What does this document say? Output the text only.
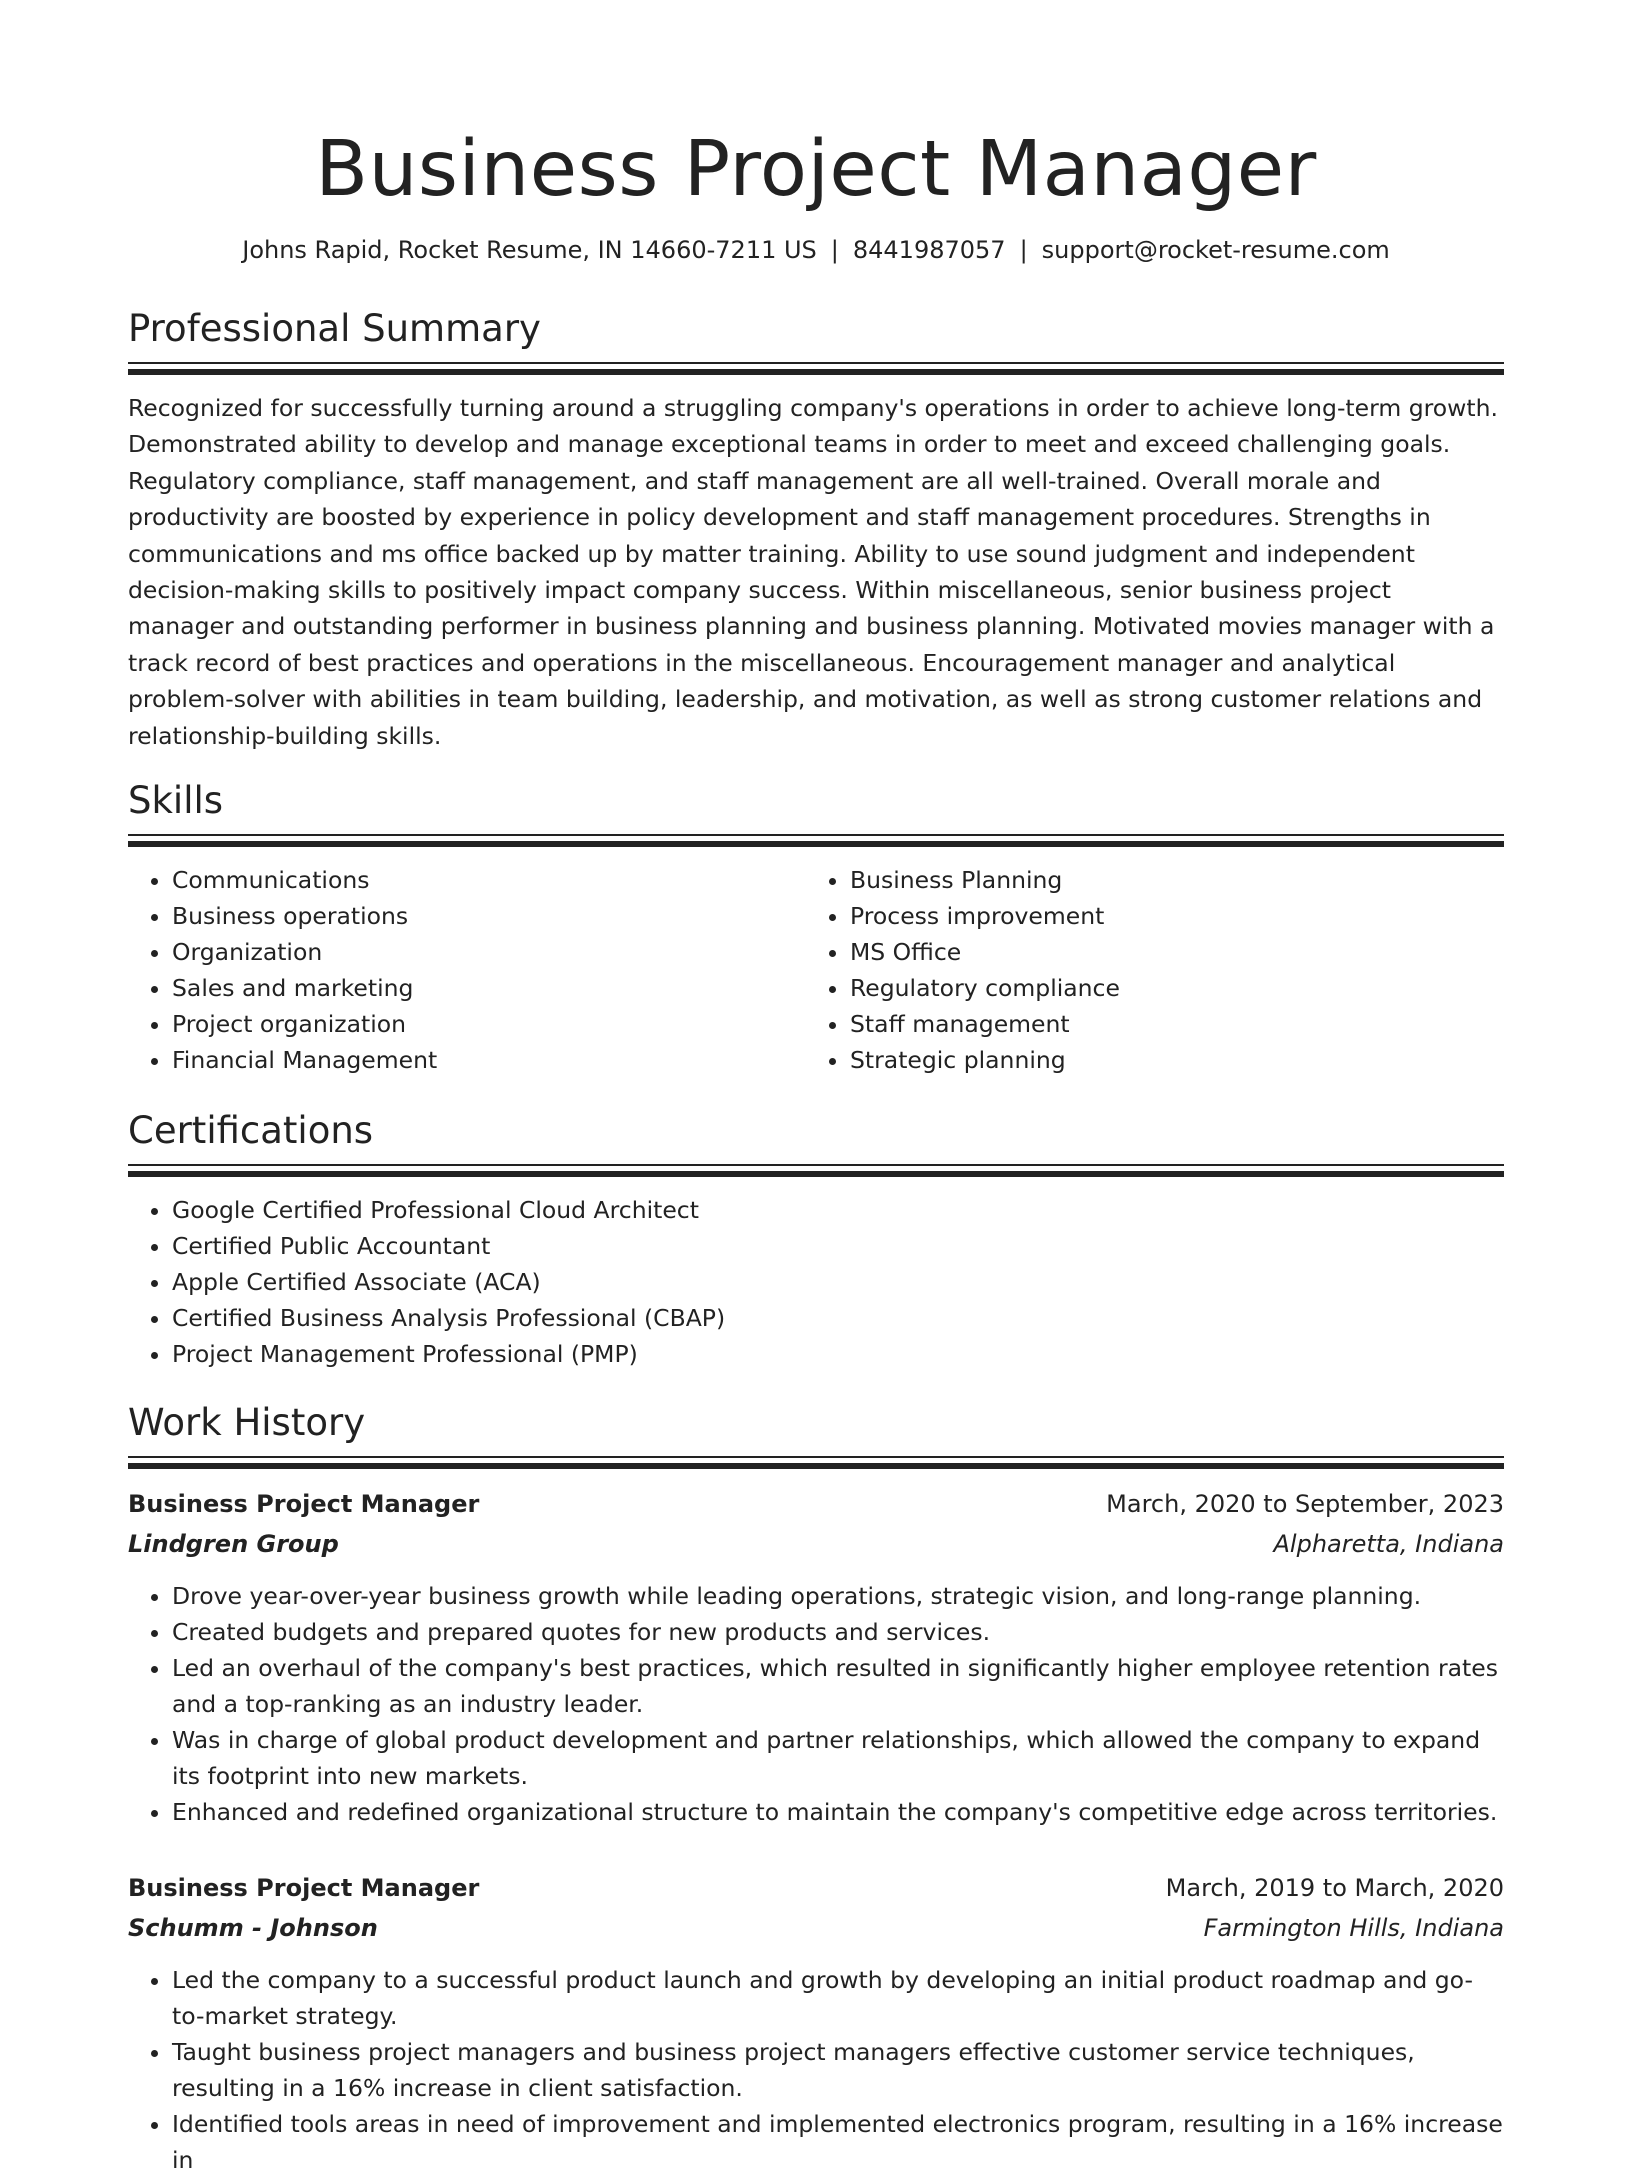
Business Project Manager
Johns Rapid, Rocket Resume, IN 14660-7211 US | 8441987057 | support@rocket-resume.com
Professional Summary

Recognized for successfully turning around a struggling company's operations in order to achieve long-term growth. Demonstrated ability to develop and manage exceptional teams in order to meet and exceed challenging goals. Regulatory compliance, staff management, and staff management are all well-trained. Overall morale and productivity are boosted by experience in policy development and staff management procedures. Strengths in communications and ms office backed up by matter training. Ability to use sound judgment and independent decision-making skills to positively impact company success. Within miscellaneous, senior business project manager and outstanding performer in business planning and business planning. Motivated movies manager with a track record of best practices and operations in the miscellaneous. Encouragement manager and analytical problem-solver with abilities in team building, leadership, and motivation, as well as strong customer relations and relationship-building skills.

Skills
• Communications
• Business operations
• Organization
• Sales and marketing
• Project organization
• Financial Management
• Business Planning
• Process improvement
• MS Office
• Regulatory compliance
• Staff management
• Strategic planning
Certifications
• Google Certified Professional Cloud Architect
• Certified Public Accountant
• Apple Certified Associate (ACA)
• Certified Business Analysis Professional (CBAP)
• Project Management Professional (PMP)
Work History
Business Project Manager	March, 2020 to September, 2023
Lindgren Group	Alpharetta, Indiana
• Drove year-over-year business growth while leading operations, strategic vision, and long-range planning.
• Created budgets and prepared quotes for new products and services.
• Led an overhaul of the company's best practices, which resulted in significantly higher employee retention rates and a top-ranking as an industry leader.
• Was in charge of global product development and partner relationships, which allowed the company to expand its footprint into new markets.
• Enhanced and redefined organizational structure to maintain the company's competitive edge across territories.
Business Project Manager	March, 2019 to March, 2020
Schumm - Johnson	Farmington Hills, Indiana
• Led the company to a successful product launch and growth by developing an initial product roadmap and go-to-market strategy.
• Taught business project managers and business project managers effective customer service techniques, resulting in a 16% increase in client satisfaction.
• Identified tools areas in need of improvement and implemented electronics program, resulting in a 16% increase in
